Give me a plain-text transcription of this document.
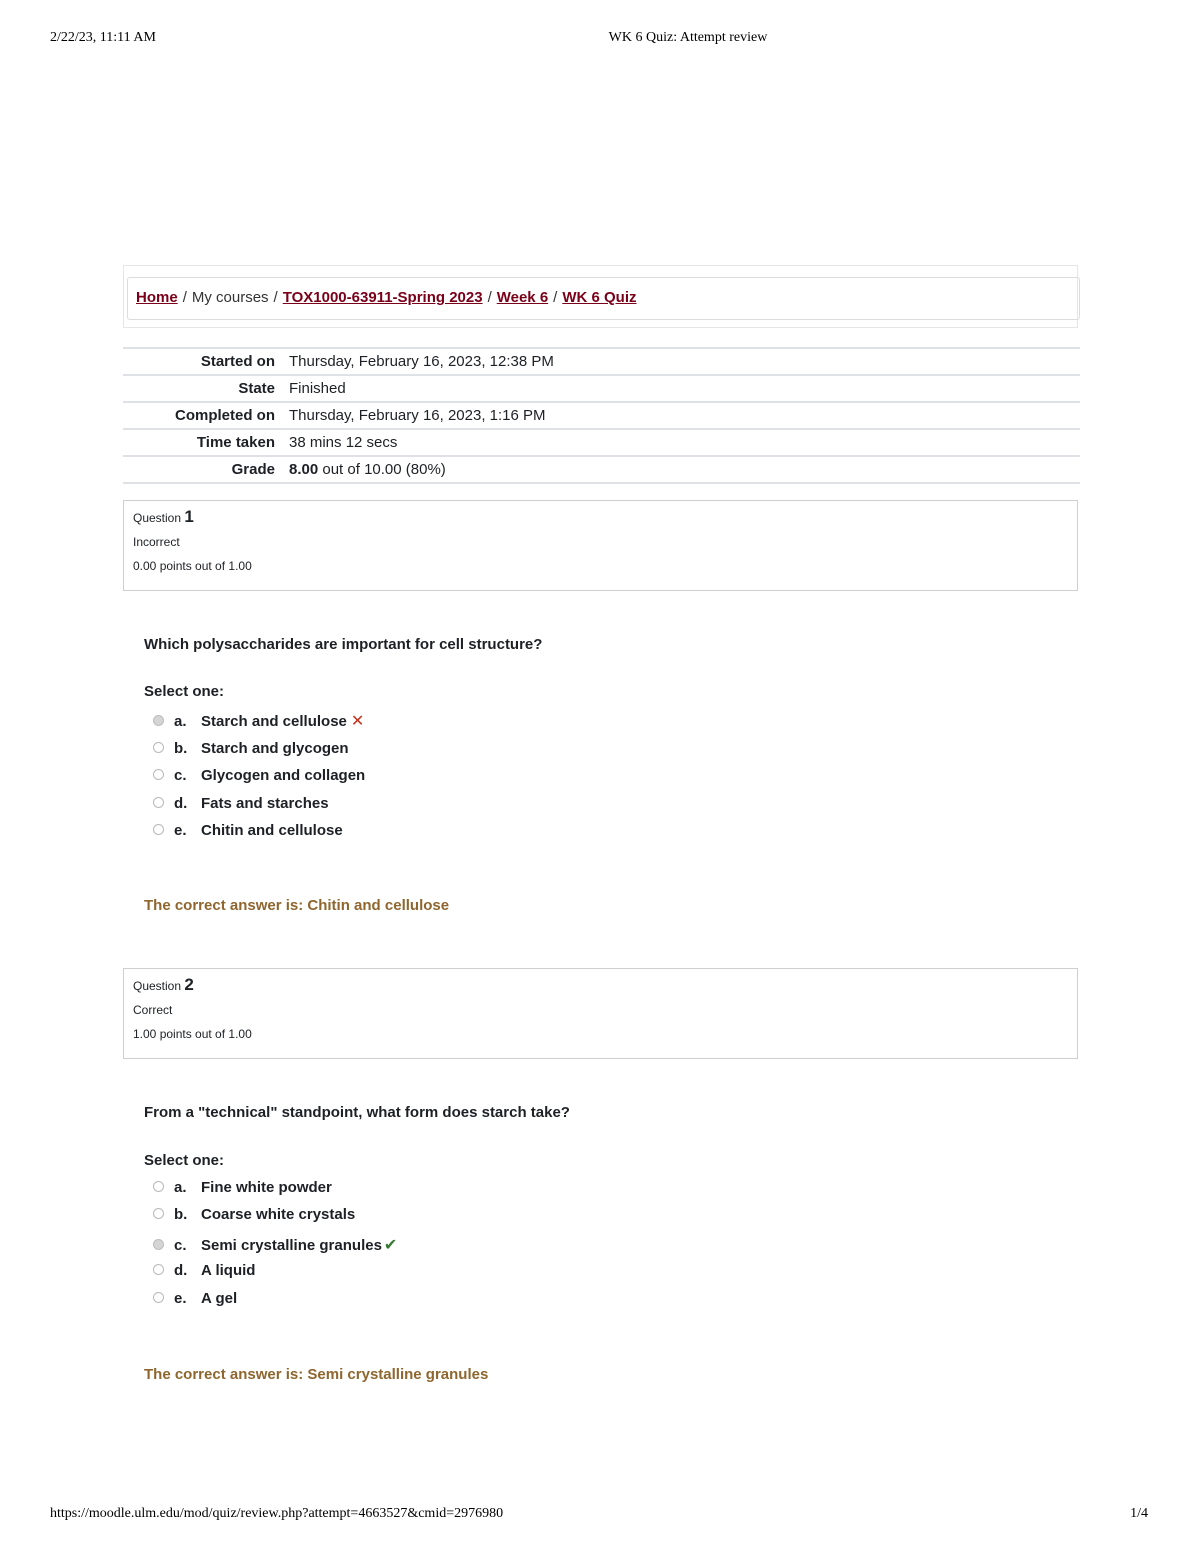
2/22/23, 11:11 AM	WK 6 Quiz: Attempt review
Home / My courses / TOX1000-63911-Spring 2023 / Week 6 / WK 6 Quiz
Started on	Thursday, February 16, 2023, 12:38 PM
State	Finished
Completed on	Thursday, February 16, 2023, 1:16 PM
Time taken	38 mins 12 secs
Grade	8.00 out of 10.00 (80%)
Question 1
Incorrect
0.00 points out of 1.00
Which polysaccharides are important for cell structure?
Select one:
a. Starch and cellulose ✕
b. Starch and glycogen
c. Glycogen and collagen
d. Fats and starches
e. Chitin and cellulose
The correct answer is: Chitin and cellulose
Question 2
Correct
1.00 points out of 1.00
From a "technical" standpoint, what form does starch take?
Select one:
a. Fine white powder
b. Coarse white crystals
c. Semi crystalline granules ✔
d. A liquid
e. A gel
The correct answer is: Semi crystalline granules
https://moodle.ulm.edu/mod/quiz/review.php?attempt=4663527&cmid=2976980	1/4
